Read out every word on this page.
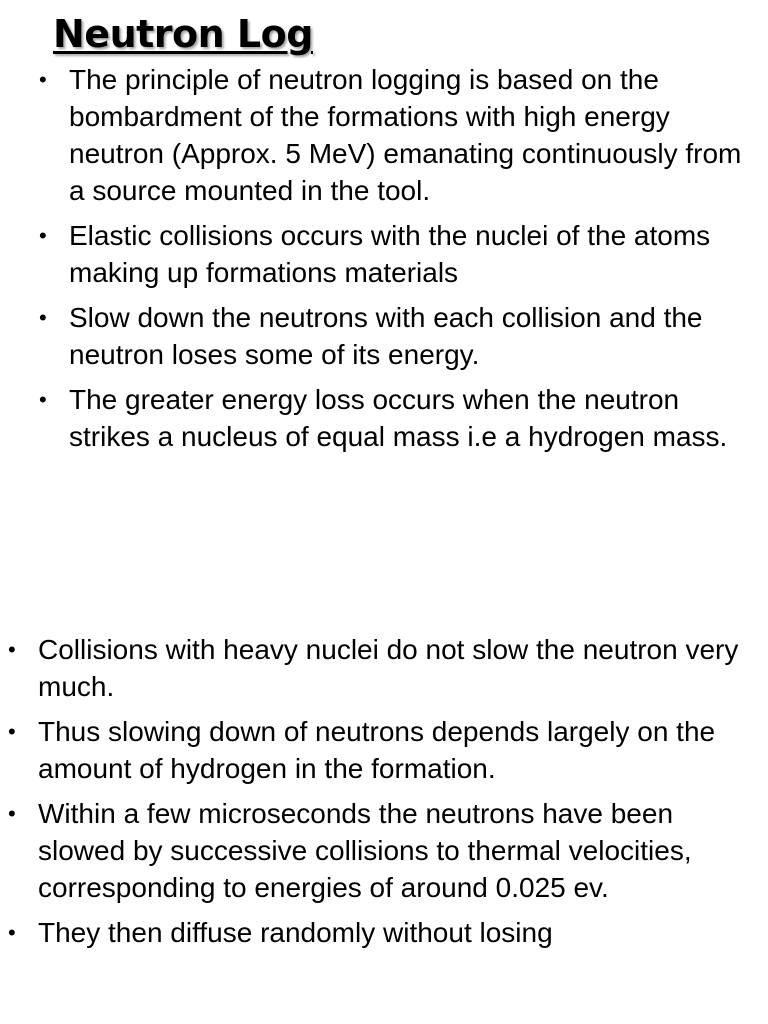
Neutron Log
• The principle of neutron logging is based on the bombardment of the formations with high energy neutron (Approx. 5 MeV) emanating continuously from a source mounted in the tool.
• Elastic collisions occurs with the nuclei of the atoms making up formations materials
• Slow down the neutrons with each collision and the neutron loses some of its energy.
• The greater energy loss occurs when the neutron strikes a nucleus of equal mass i.e a hydrogen mass.
• Collisions with heavy nuclei do not slow the neutron very much.
• Thus slowing down of neutrons depends largely on the amount of hydrogen in the formation.
• Within a few microseconds the neutrons have been slowed by successive collisions to thermal velocities, corresponding to energies of around 0.025 ev.
• They then diffuse randomly without losing
